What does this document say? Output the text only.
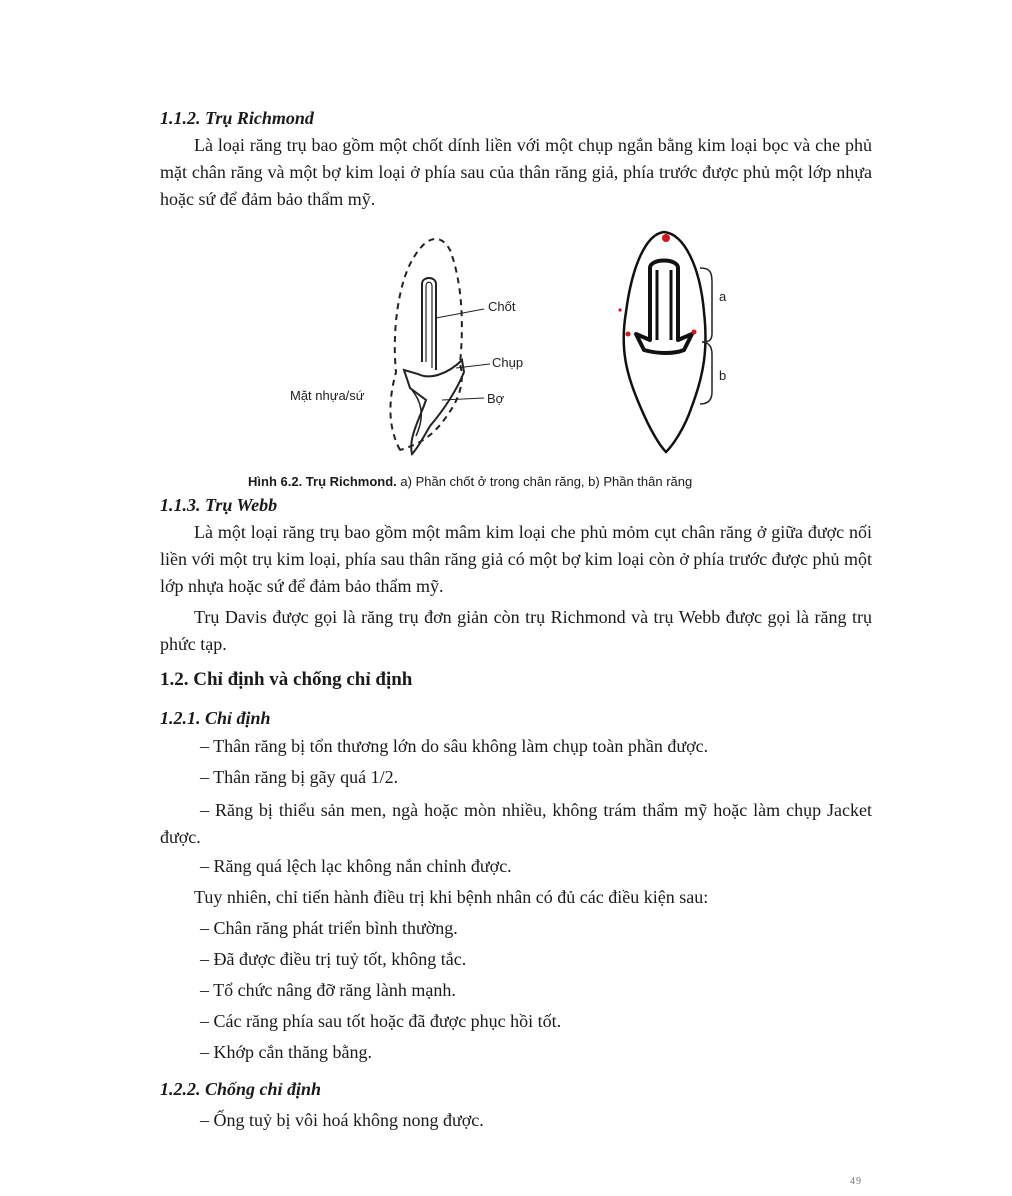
1.1.2. Trụ Richmond
Là loại răng trụ bao gồm một chốt dính liền với một chụp ngắn bằng kim loại bọc và che phủ mặt chân răng và một bợ kim loại ở phía sau của thân răng giả, phía trước được phủ một lớp nhựa hoặc sứ để đảm bảo thẩm mỹ.
Chốt
Chụp
Mặt nhựa/sứ	Bợ
a
b
Hình 6.2. Trụ Richmond. a) Phần chốt ở trong chân răng, b) Phần thân răng
1.1.3. Trụ Webb
Là một loại răng trụ bao gồm một mâm kim loại che phủ mỏm cụt chân răng ở giữa được nối liền với một trụ kim loại, phía sau thân răng giả có một bợ kim loại còn ở phía trước được phủ một lớp nhựa hoặc sứ để đảm bảo thẩm mỹ.
Trụ Davis được gọi là răng trụ đơn giản còn trụ Richmond và trụ Webb được gọi là răng trụ phức tạp.
1.2. Chỉ định và chống chỉ định
1.2.1. Chỉ định
– Thân răng bị tổn thương lớn do sâu không làm chụp toàn phần được.
– Thân răng bị gãy quá 1/2.
– Răng bị thiểu sản men, ngà hoặc mòn nhiều, không trám thẩm mỹ hoặc làm chụp Jacket được.
– Răng quá lệch lạc không nắn chỉnh được.
Tuy nhiên, chỉ tiến hành điều trị khi bệnh nhân có đủ các điều kiện sau:
– Chân răng phát triển bình thường.
– Đã được điều trị tuỷ tốt, không tắc.
– Tổ chức nâng đỡ răng lành mạnh.
– Các răng phía sau tốt hoặc đã được phục hồi tốt.
– Khớp cắn thăng bằng.
1.2.2. Chống chỉ định
– Ống tuỷ bị vôi hoá không nong được.
49
